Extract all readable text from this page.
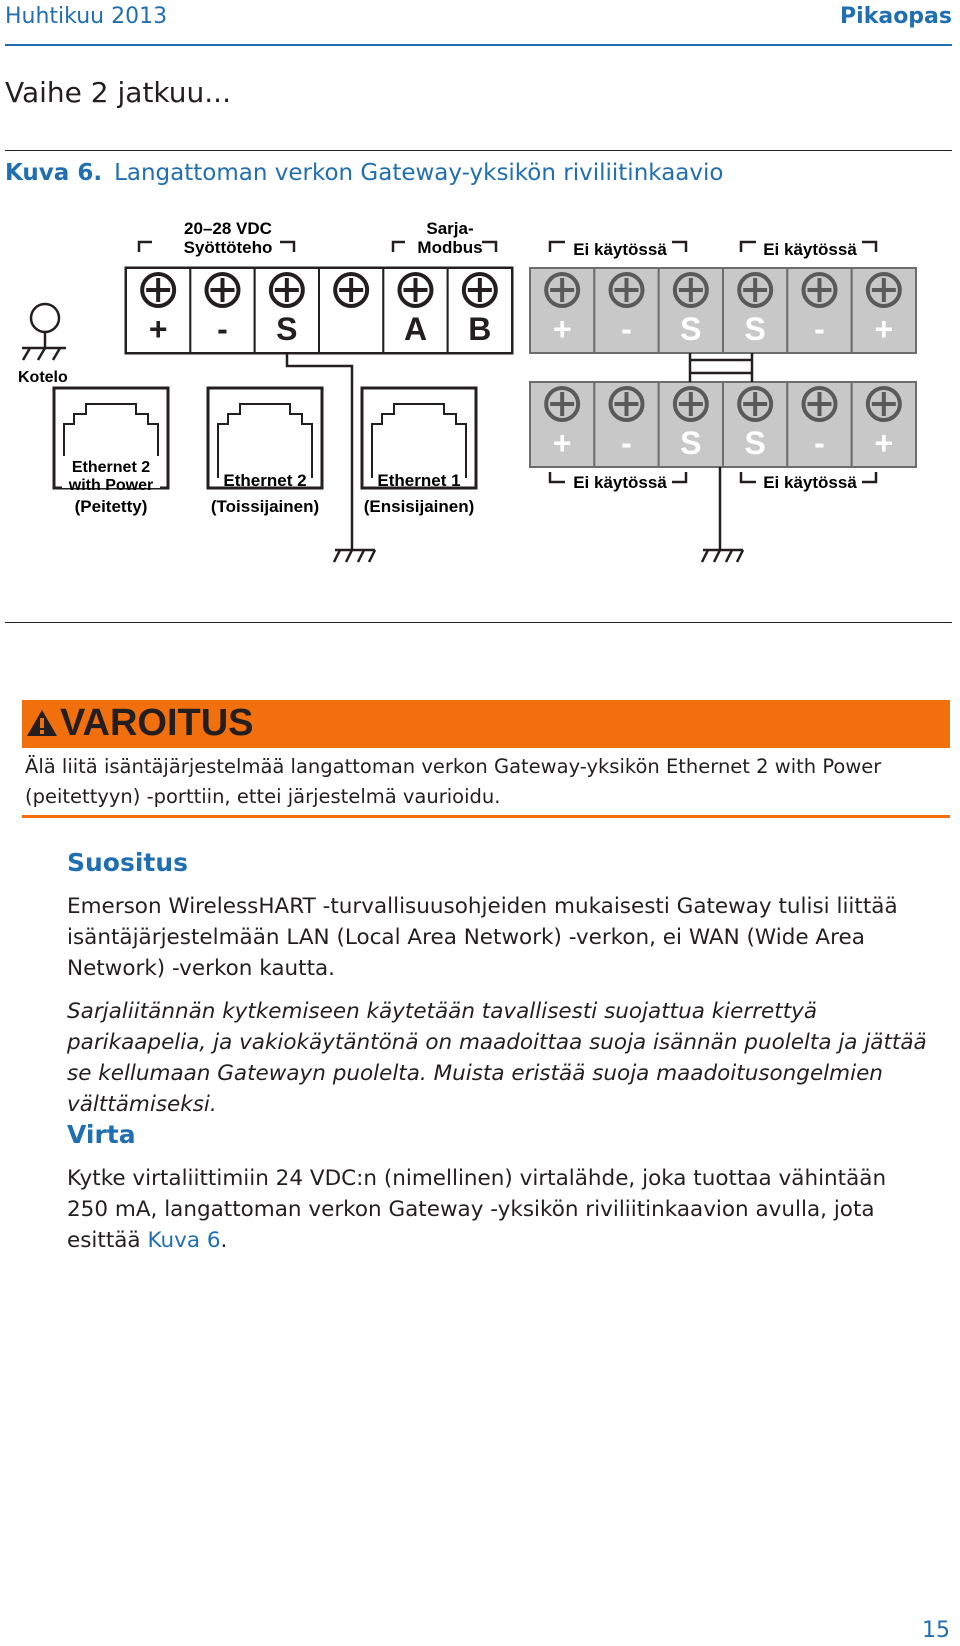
Huhtikuu 2013	Pikaopas
Vaihe 2 jatkuu...
Kuva 6. Langattoman verkon Gateway-yksikön riviliitinkaavio
20–28 VDC
Syöttöteho
Sarja-
Modbus	Ei käytössä	Ei käytössä
+ - S	A B + - S S - +
+ - S S - +
Ei käytössä	Ei käytössä
Kotelo
Ethernet 2
with Power
(Peitetty)
Ethernet 2
(Toissijainen)
Ethernet 1
(Ensisijainen)
VAROITUS
Älä liitä isäntäjärjestelmää langattoman verkon Gateway-yksikön Ethernet 2 with Power (peitettyyn) -porttiin, ettei järjestelmä vaurioidu.
Suositus
Emerson WirelessHART -turvallisuusohjeiden mukaisesti Gateway tulisi liittää isäntäjärjestelmään LAN (Local Area Network) -verkon, ei WAN (Wide Area Network) -verkon kautta.
Sarjaliitännän kytkemiseen käytetään tavallisesti suojattua kierrettyä parikaapelia, ja vakiokäytäntönä on maadoittaa suoja isännän puolelta ja jättää se kellumaan Gatewayn puolelta. Muista eristää suoja maadoitusongelmien välttämiseksi.
Virta
Kytke virtaliittimiin 24 VDC:n (nimellinen) virtalähde, joka tuottaa vähintään 250 mA, langattoman verkon Gateway -yksikön riviliitinkaavion avulla, jota esittää Kuva 6.
15
